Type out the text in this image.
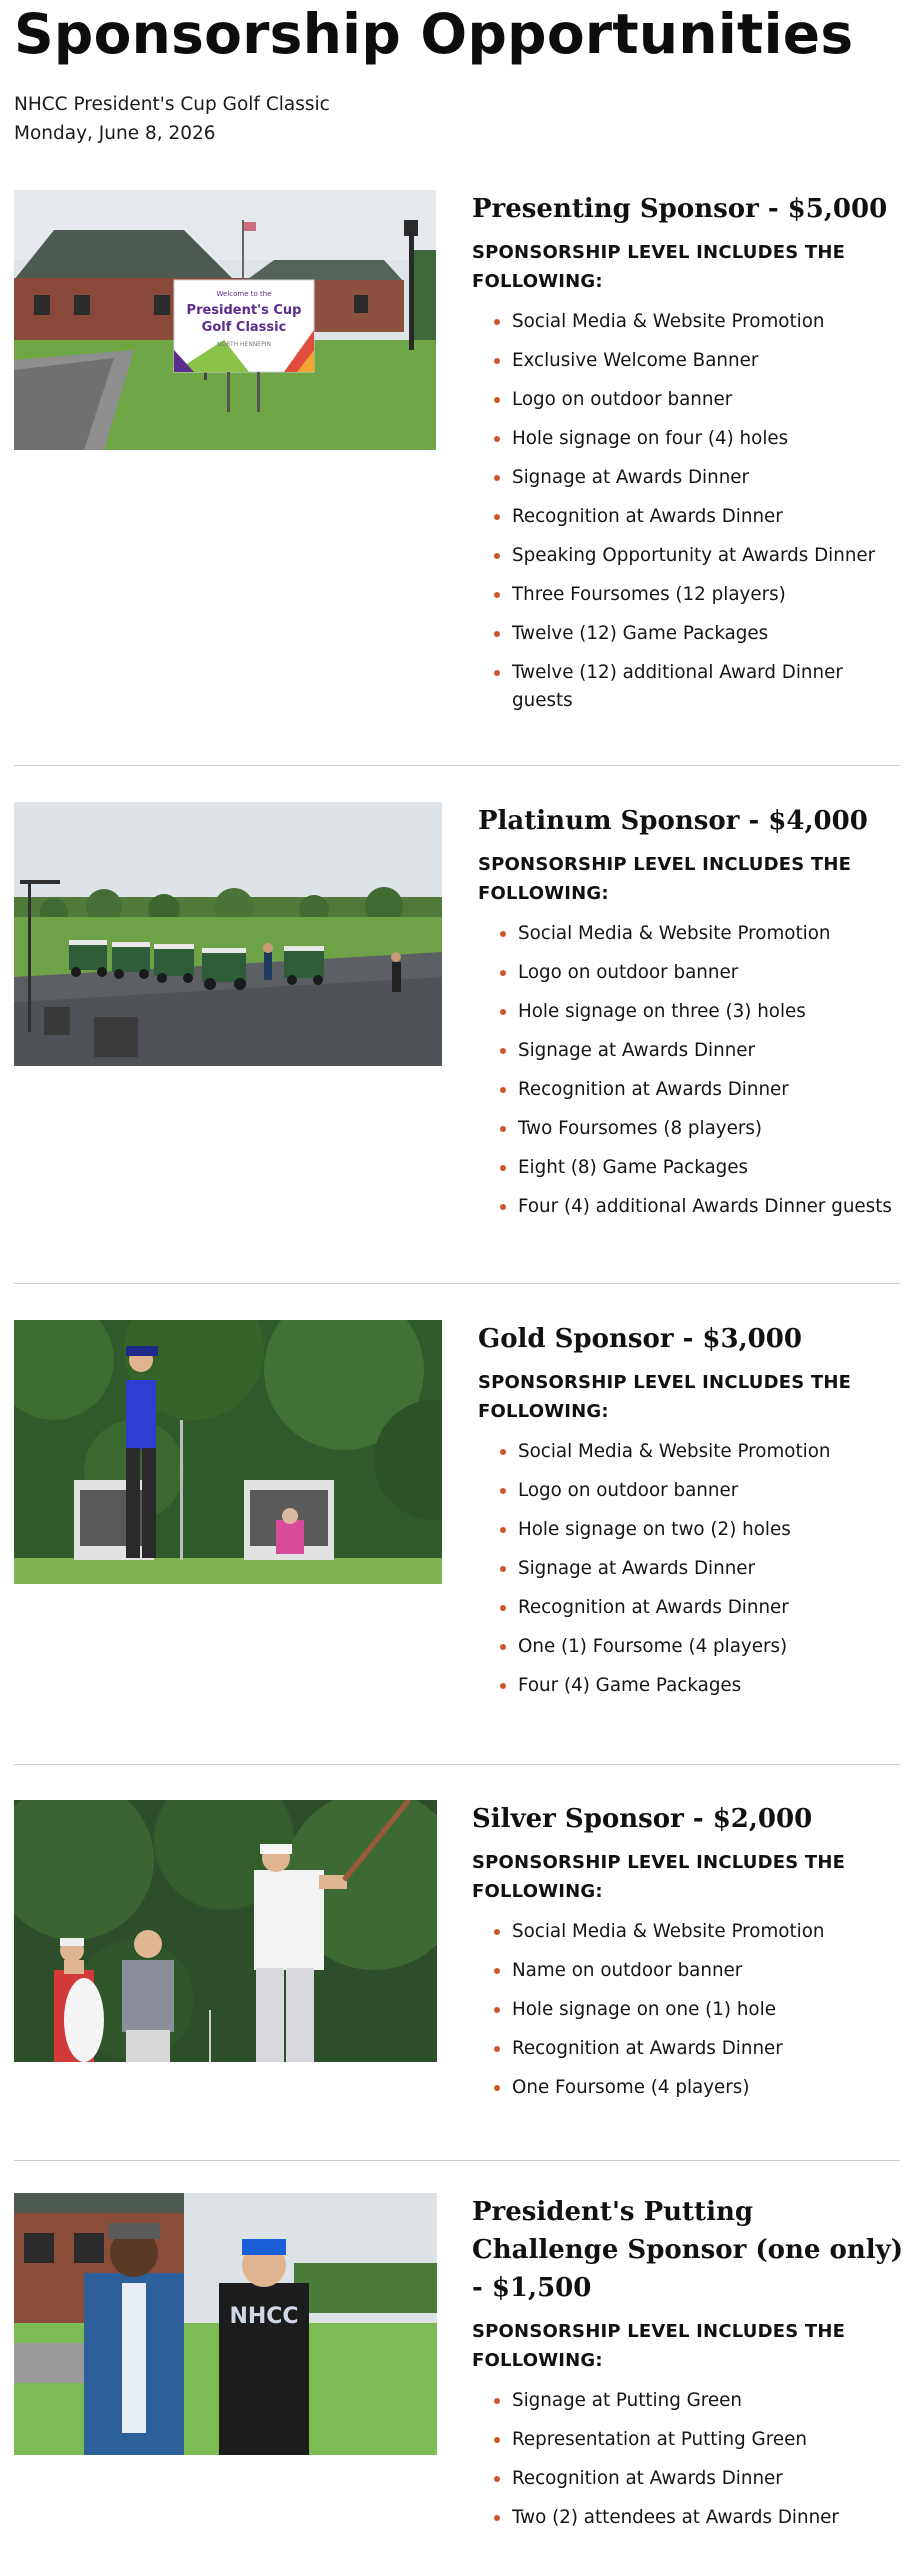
Sponsorship Opportunities
NHCC President's Cup Golf Classic
Monday, June 8, 2026
Welcome to the
President's Cup
Golf Classic
NORTH HENNEPIN
Presenting Sponsor - $5,000
SPONSORSHIP LEVEL INCLUDES THE FOLLOWING:
Social Media & Website Promotion
Exclusive Welcome Banner
Logo on outdoor banner
Hole signage on four (4) holes
Signage at Awards Dinner
Recognition at Awards Dinner
Speaking Opportunity at Awards Dinner
Three Foursomes (12 players)
Twelve (12) Game Packages
Twelve (12) additional Award Dinner guests
Platinum Sponsor - $4,000
SPONSORSHIP LEVEL INCLUDES THE FOLLOWING:
Social Media & Website Promotion
Logo on outdoor banner
Hole signage on three (3) holes
Signage at Awards Dinner
Recognition at Awards Dinner
Two Foursomes (8 players)
Eight (8) Game Packages
Four (4) additional Awards Dinner guests
Gold Sponsor - $3,000
SPONSORSHIP LEVEL INCLUDES THE FOLLOWING:
Social Media & Website Promotion
Logo on outdoor banner
Hole signage on two (2) holes
Signage at Awards Dinner
Recognition at Awards Dinner
One (1) Foursome (4 players)
Four (4) Game Packages
Silver Sponsor - $2,000
SPONSORSHIP LEVEL INCLUDES THE FOLLOWING:
Social Media & Website Promotion
Name on outdoor banner
Hole signage on one (1) hole
Recognition at Awards Dinner
One Foursome (4 players)
NHCC
President's Putting Challenge Sponsor (one only) - $1,500
SPONSORSHIP LEVEL INCLUDES THE FOLLOWING:
Signage at Putting Green
Representation at Putting Green
Recognition at Awards Dinner
Two (2) attendees at Awards Dinner
